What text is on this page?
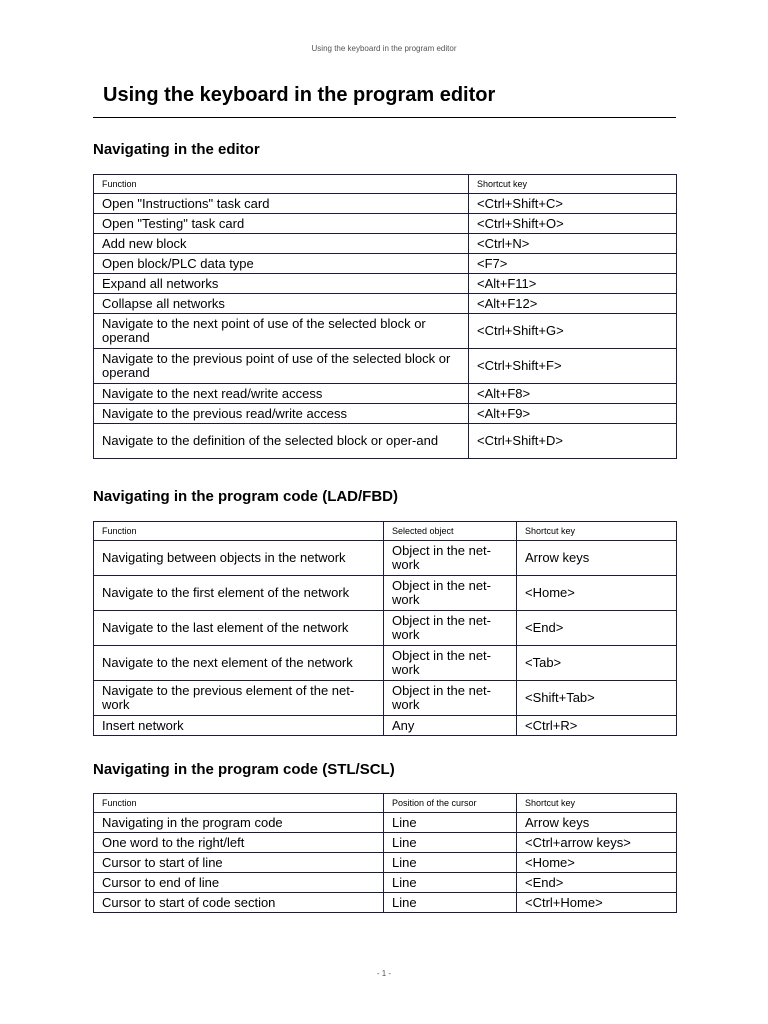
Using the keyboard in the program editor
Using the keyboard in the program editor
Navigating in the editor
Function	Shortcut key
Open "Instructions" task card	<Ctrl+Shift+C>
Open "Testing" task card	<Ctrl+Shift+O>
Add new block	<Ctrl+N>
Open block/PLC data type	<F7>
Expand all networks	<Alt+F11>
Collapse all networks	<Alt+F12>
Navigate to the next point of use of the selected block or operand	<Ctrl+Shift+G>
Navigate to the previous point of use of the selected block or operand	<Ctrl+Shift+F>
Navigate to the next read/write access	<Alt+F8>
Navigate to the previous read/write access	<Alt+F9>
Navigate to the definition of the selected block or oper-and	<Ctrl+Shift+D>
Navigating in the program code (LAD/FBD)
Function	Selected object	Shortcut key
Navigating between objects in the network	Object in the net-work	Arrow keys
Navigate to the first element of the network	Object in the net-work	<Home>
Navigate to the last element of the network	Object in the net-work	<End>
Navigate to the next element of the network	Object in the net-work	<Tab>
Navigate to the previous element of the net-work	Object in the net-work	<Shift+Tab>
Insert network	Any	<Ctrl+R>
Navigating in the program code (STL/SCL)
Function	Position of the cursor	Shortcut key
Navigating in the program code	Line	Arrow keys
One word to the right/left	Line	<Ctrl+arrow keys>
Cursor to start of line	Line	<Home>
Cursor to end of line	Line	<End>
Cursor to start of code section	Line	<Ctrl+Home>
- 1 -
